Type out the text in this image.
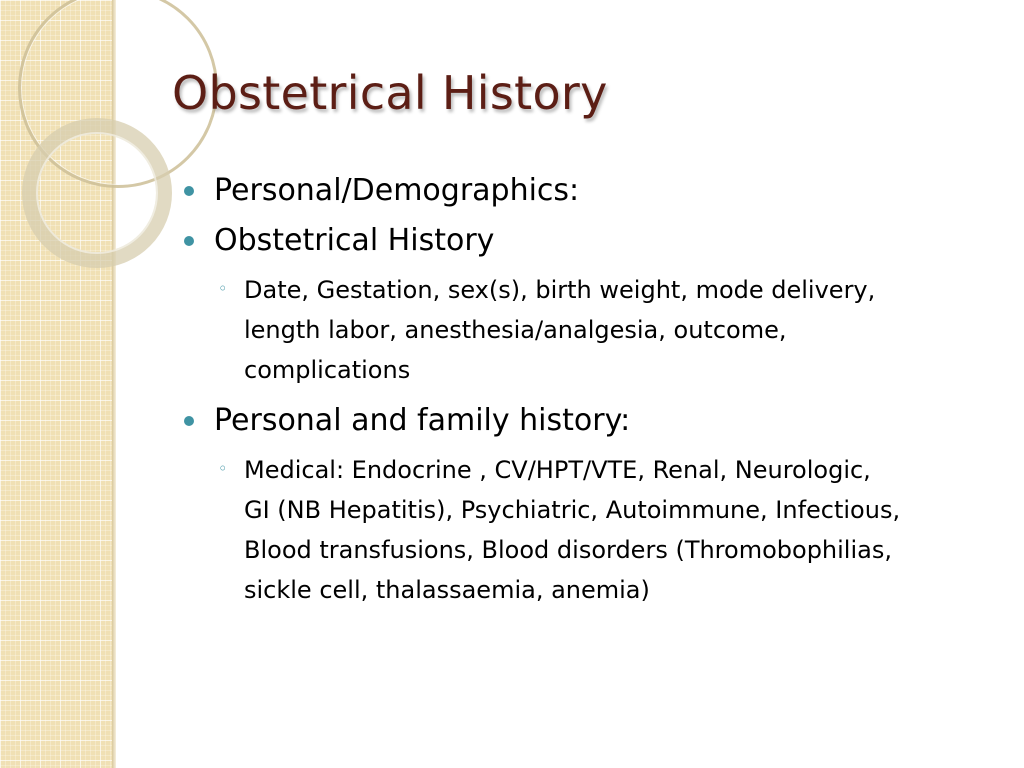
Obstetrical History
Personal/Demographics:
Obstetrical History
◦ Date, Gestation, sex(s), birth weight, mode delivery, length labor, anesthesia/analgesia, outcome, complications
Personal and family history:
◦ Medical: Endocrine , CV/HPT/VTE, Renal, Neurologic, GI (NB Hepatitis), Psychiatric, Autoimmune, Infectious, Blood transfusions, Blood disorders (Thromobophilias, sickle cell, thalassaemia, anemia)
